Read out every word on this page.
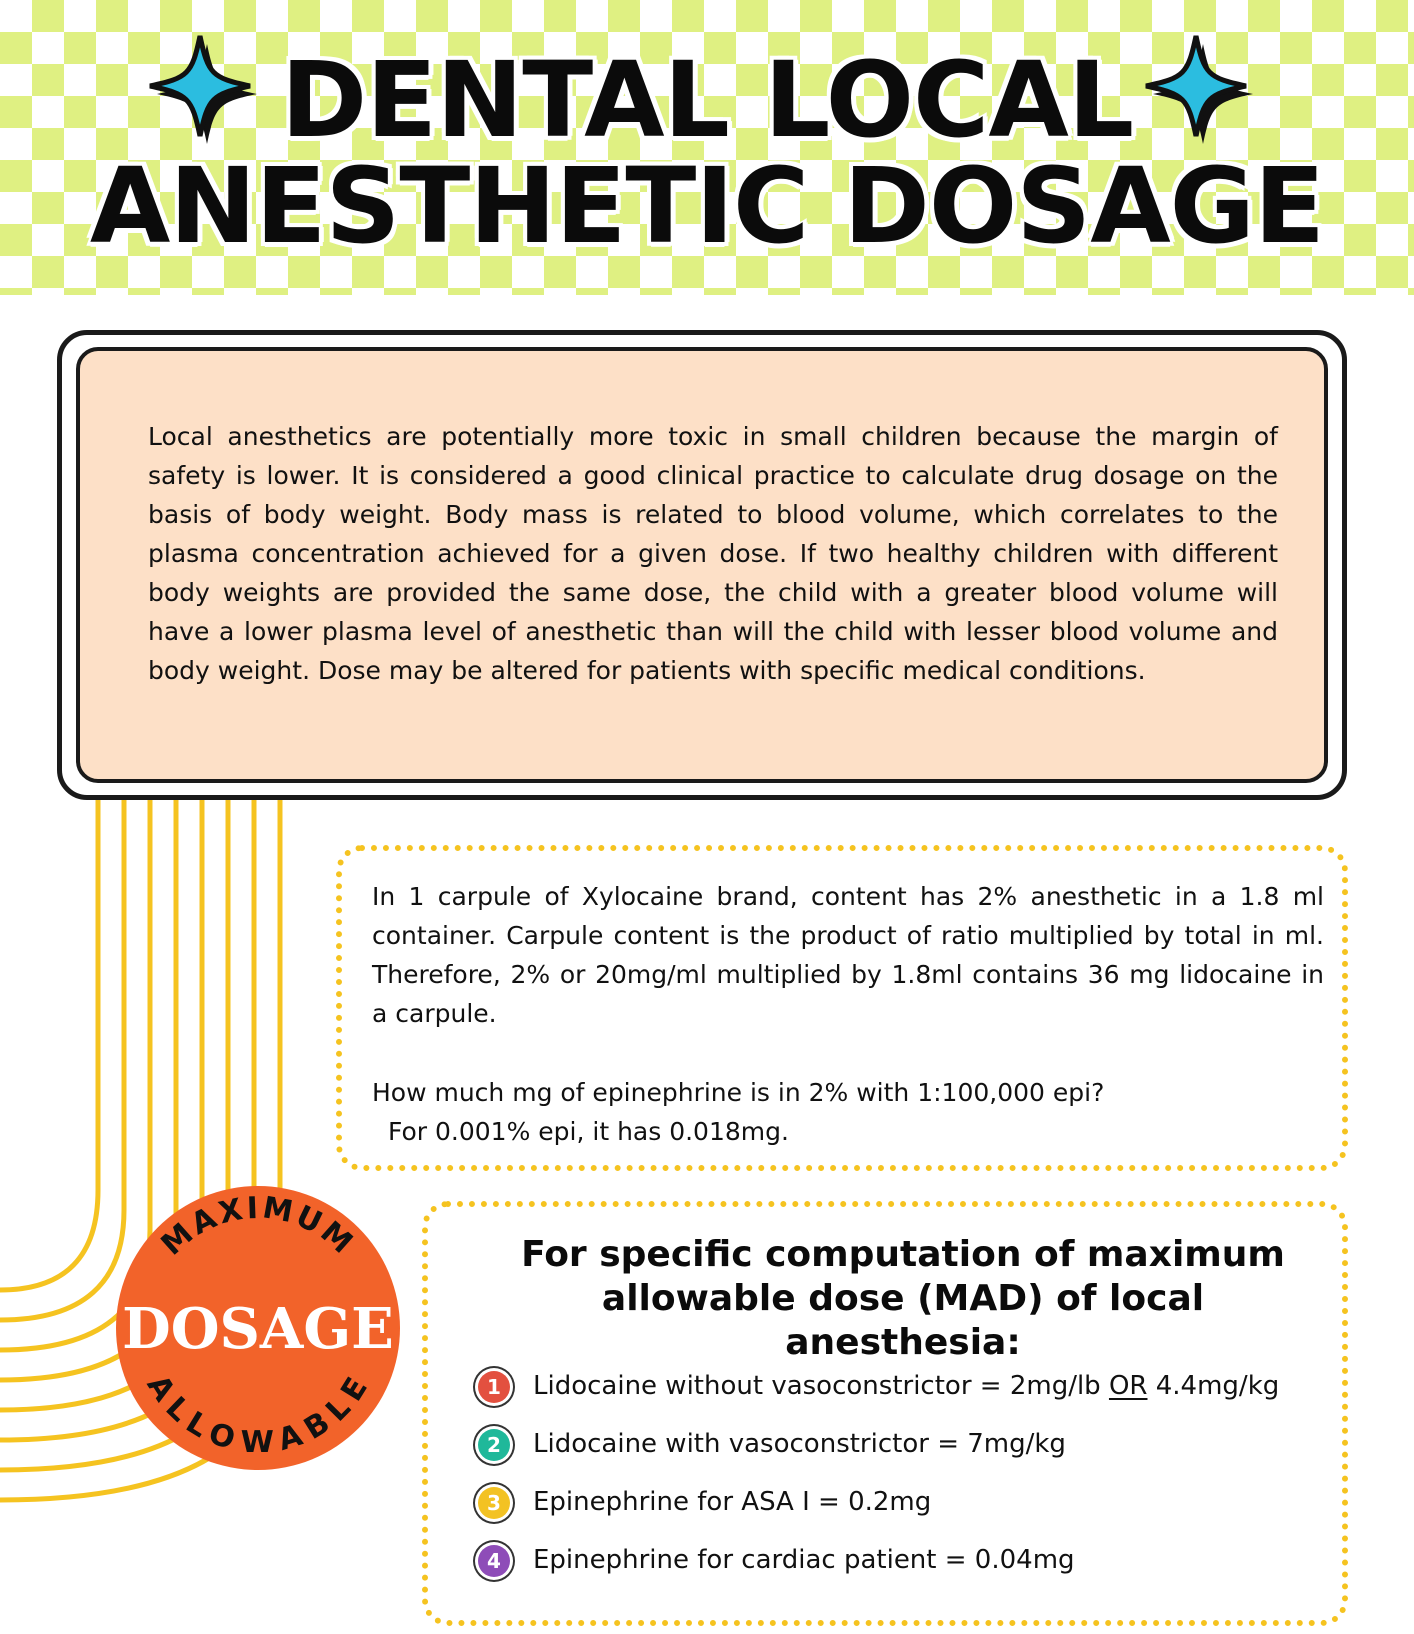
DENTAL LOCAL
ANESTHETIC DOSAGE
Local anesthetics are potentially more toxic in small children because the margin of safety is lower. It is considered a good clinical practice to calculate drug dosage on the basis of body weight. Body mass is related to blood volume, which correlates to the plasma concentration achieved for a given dose. If two healthy children with different body weights are provided the same dose, the child with a greater blood volume will have a lower plasma level of anesthetic than will the child with lesser blood volume and body weight. Dose may be altered for patients with specific medical conditions.
In 1 carpule of Xylocaine brand, content has 2% anesthetic in a 1.8 ml container. Carpule content is the product of ratio multiplied by total in ml. Therefore, 2% or 20mg/ml multiplied by 1.8ml contains 36 mg lidocaine in a carpule.
How much mg of epinephrine is in 2% with 1:100,000 epi?
For 0.001% epi, it has 0.018mg.
MAXIMUM
DOSAGE
ALLOWABLE
For specific computation of maximum
allowable dose (MAD) of local anesthesia:
1	Lidocaine without vasoconstrictor = 2mg/lb OR 4.4mg/kg
2	Lidocaine with vasoconstrictor = 7mg/kg
3	Epinephrine for ASA I = 0.2mg
4	Epinephrine for cardiac patient = 0.04mg
